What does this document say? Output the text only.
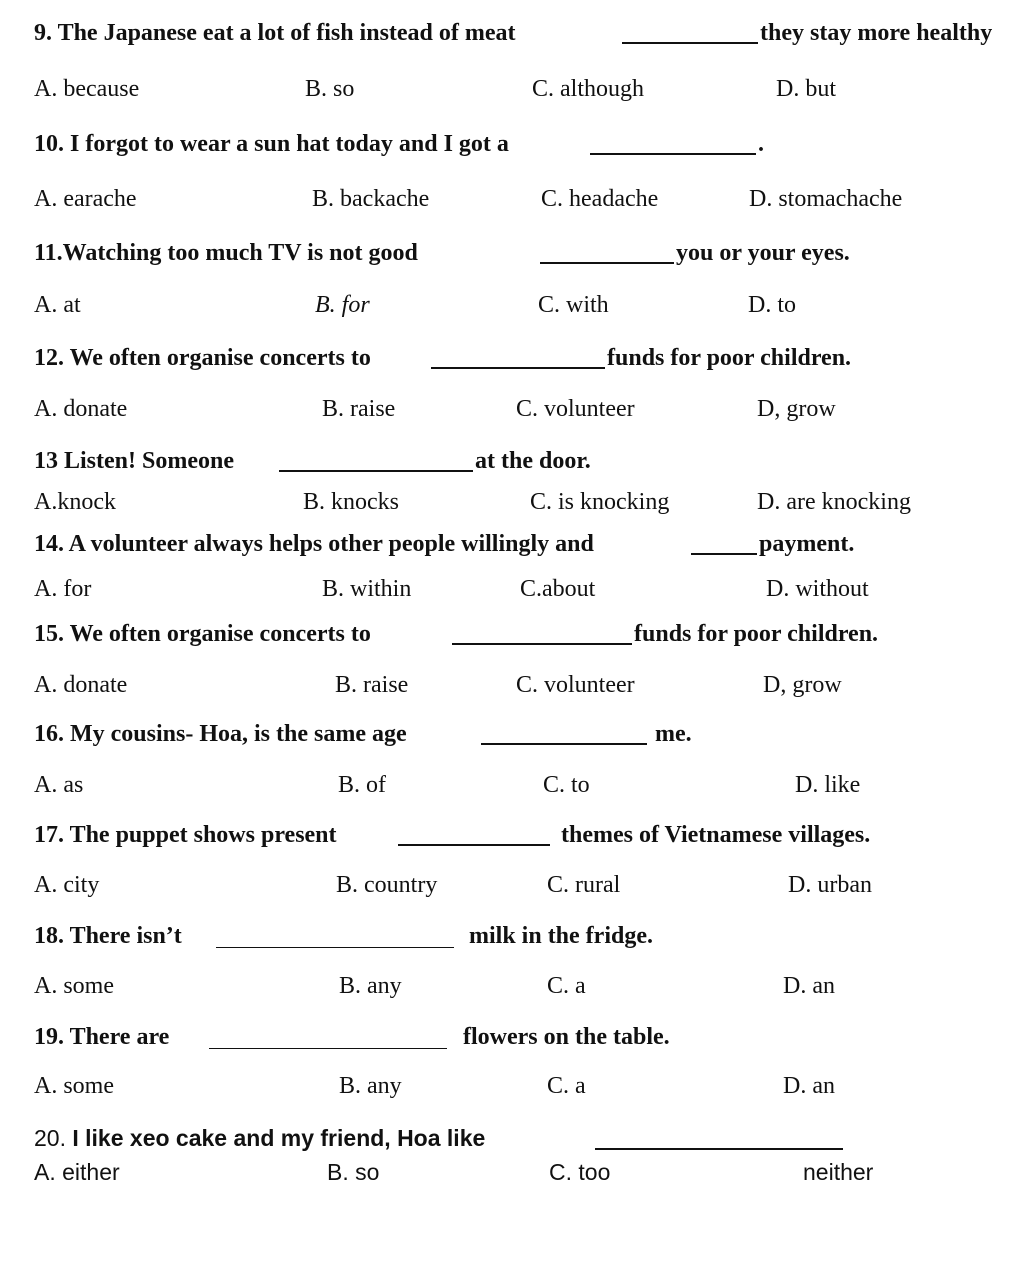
9. The Japanese eat a lot of fish instead of meat	they stay more healthy
A. because	B. so	C. although	D. but
10. I forgot to wear a sun hat today and I got a	.
A. earache	B. backache	C. headache	D. stomachache
11.Watching too much TV is not good	you or your eyes.
A. at	B. for	C. with	D. to
12. We often organise concerts to	funds for poor children.
A. donate	B. raise	C. volunteer	D, grow
13 Listen! Someone	at the door.
A.knock	B. knocks	C. is knocking	D. are knocking
14. A volunteer always helps other people willingly and	payment.
A. for	B. within	C.about	D. without
15. We often organise concerts to	funds for poor children.
A. donate	B. raise	C. volunteer	D, grow
16. My cousins- Hoa, is the same age	me.
A. as	B. of	C. to	D. like
17. The puppet shows present	themes of Vietnamese villages.
A. city	B. country	C. rural	D. urban
18. There isn’t	milk in the fridge.
A. some	B. any	C. a	D. an
19. There are	flowers on the table.
A. some	B. any	C. a	D. an
20. I like xeo cake and my friend, Hoa like
A. either	B. so	C. too	neither
